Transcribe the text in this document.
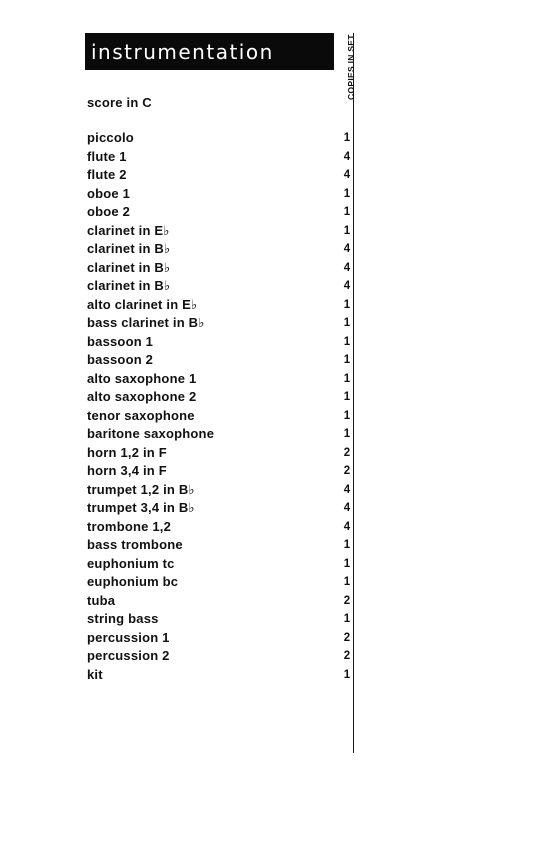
instrumentation	COPIES IN SET
score in C
piccolo	1
flute 1	4
flute 2	4
oboe 1	1
oboe 2	1
clarinet in E♭	1
clarinet in B♭	4
clarinet in B♭	4
clarinet in B♭	4
alto clarinet in E♭	1
bass clarinet in B♭	1
bassoon 1	1
bassoon 2	1
alto saxophone 1	1
alto saxophone 2	1
tenor saxophone	1
baritone saxophone	1
horn 1,2 in F	2
horn 3,4 in F	2
trumpet 1,2 in B♭	4
trumpet 3,4 in B♭	4
trombone 1,2	4
bass trombone	1
euphonium tc	1
euphonium bc	1
tuba	2
string bass	1
percussion 1	2
percussion 2	2
kit	1
